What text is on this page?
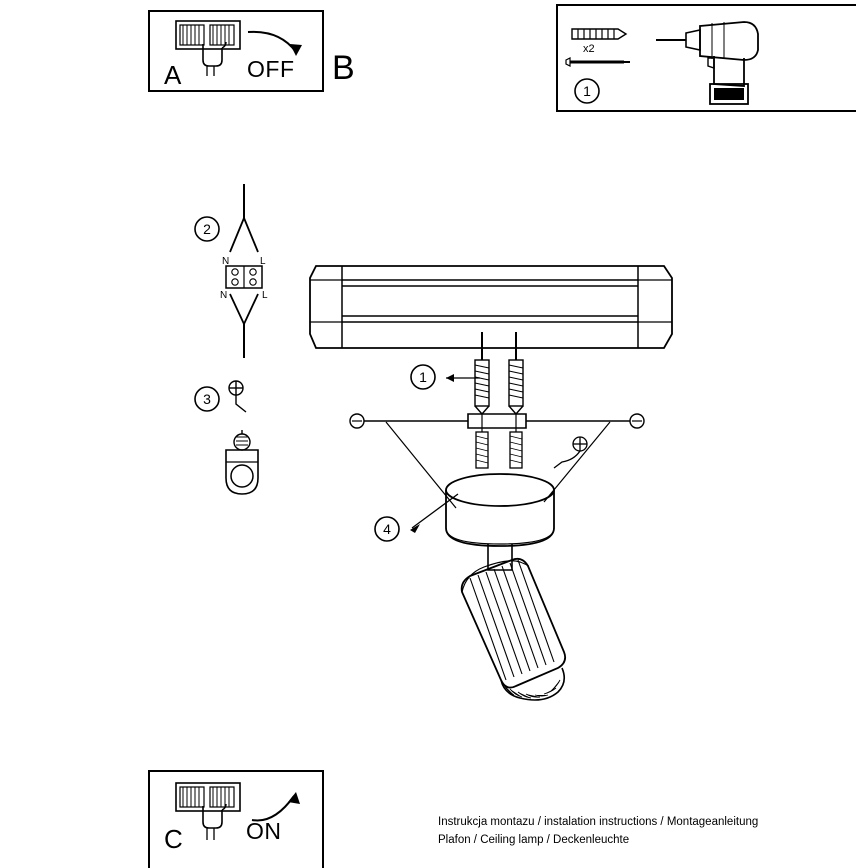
A	OFF B	x2
1
2
N	L
N	L
3
1
4
C	ON	Instrukcja montazu / instalation instructions / Montageanleitung
Plafon / Ceiling lamp / Deckenleuchte
